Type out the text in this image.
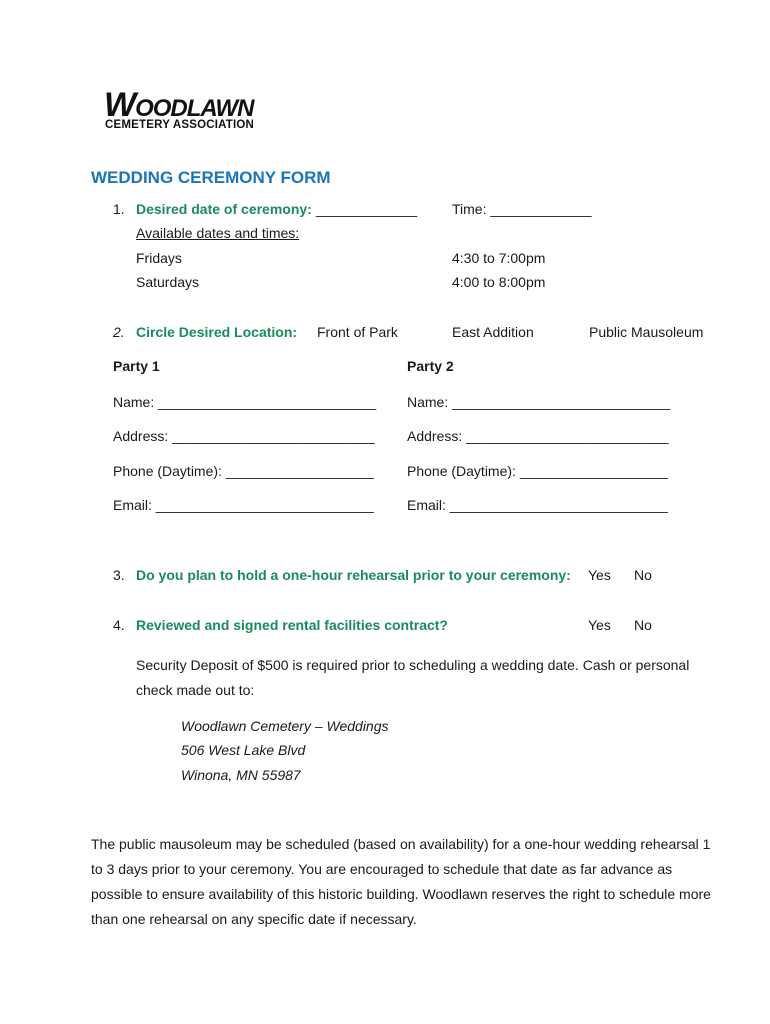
WOODLAWN
CEMETERY ASSOCIATION
WEDDING CEREMONY FORM
1. Desired date of ceremony: _____________ Time: _____________
Available dates and times:
Fridays	4:30 to 7:00pm
Saturdays	4:00 to 8:00pm
2. Circle Desired Location: Front of Park	East Addition	Public Mausoleum
Party 1
Name: ____________________________
Address: __________________________
Phone (Daytime): ___________________
Email: ____________________________
Party 2
Name: ____________________________
Address: __________________________
Phone (Daytime): ___________________
Email: ____________________________
3. Do you plan to hold a one-hour rehearsal prior to your ceremony: Yes No
4. Reviewed and signed rental facilities contract?	Yes No
Security Deposit of $500 is required prior to scheduling a wedding date. Cash or personal check made out to:
Woodlawn Cemetery – Weddings
506 West Lake Blvd
Winona, MN 55987
The public mausoleum may be scheduled (based on availability) for a one-hour wedding rehearsal 1 to 3 days prior to your ceremony. You are encouraged to schedule that date as far advance as possible to ensure availability of this historic building. Woodlawn reserves the right to schedule more than one rehearsal on any specific date if necessary.
